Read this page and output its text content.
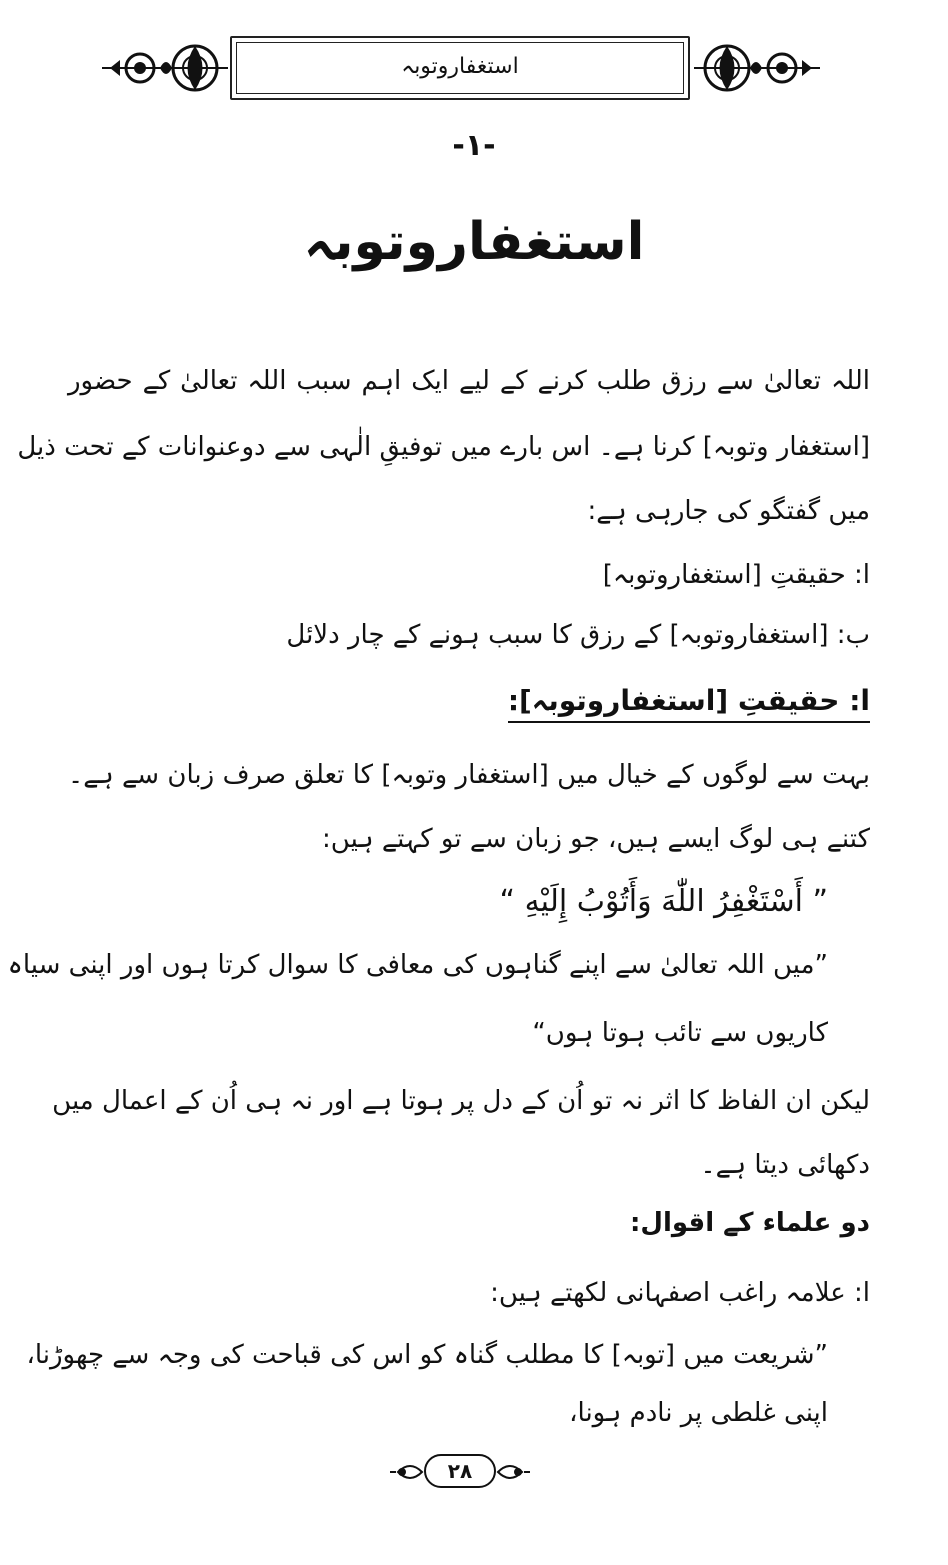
استغفاروتوبہ
-۱-
استغفاروتوبہ
اللہ تعالیٰ سے رزق طلب کرنے کے لیے ایک اہم سبب اللہ تعالیٰ کے حضور
[استغفار وتوبہ] کرنا ہے۔ اس بارے میں توفیقِ الٰہی سے دوعنوانات کے تحت ذیل
میں گفتگو کی جارہی ہے:
ا: حقیقتِ [استغفاروتوبہ]
ب: [استغفاروتوبہ] کے رزق کا سبب ہونے کے چار دلائل
ا: حقیقتِ [استغفاروتوبہ]:
بہت سے لوگوں کے خیال میں [استغفار وتوبہ] کا تعلق صرف زبان سے ہے۔
کتنے ہی لوگ ایسے ہیں، جو زبان سے تو کہتے ہیں:
” أَسْتَغْفِرُ اللّٰهَ وَأَتُوْبُ إِلَيْهِ “
”میں اللہ تعالیٰ سے اپنے گناہوں کی معافی کا سوال کرتا ہوں اور اپنی سیاہ
کاریوں سے تائب ہوتا ہوں“
لیکن ان الفاظ کا اثر نہ تو اُن کے دل پر ہوتا ہے اور نہ ہی اُن کے اعمال میں
دکھائی دیتا ہے۔
دو علماء کے اقوال:
ا: علامہ راغب اصفہانی لکھتے ہیں:
”شریعت میں [توبہ] کا مطلب گناہ کو اس کی قباحت کی وجہ سے چھوڑنا،
اپنی غلطی پر نادم ہونا،
۲۸
